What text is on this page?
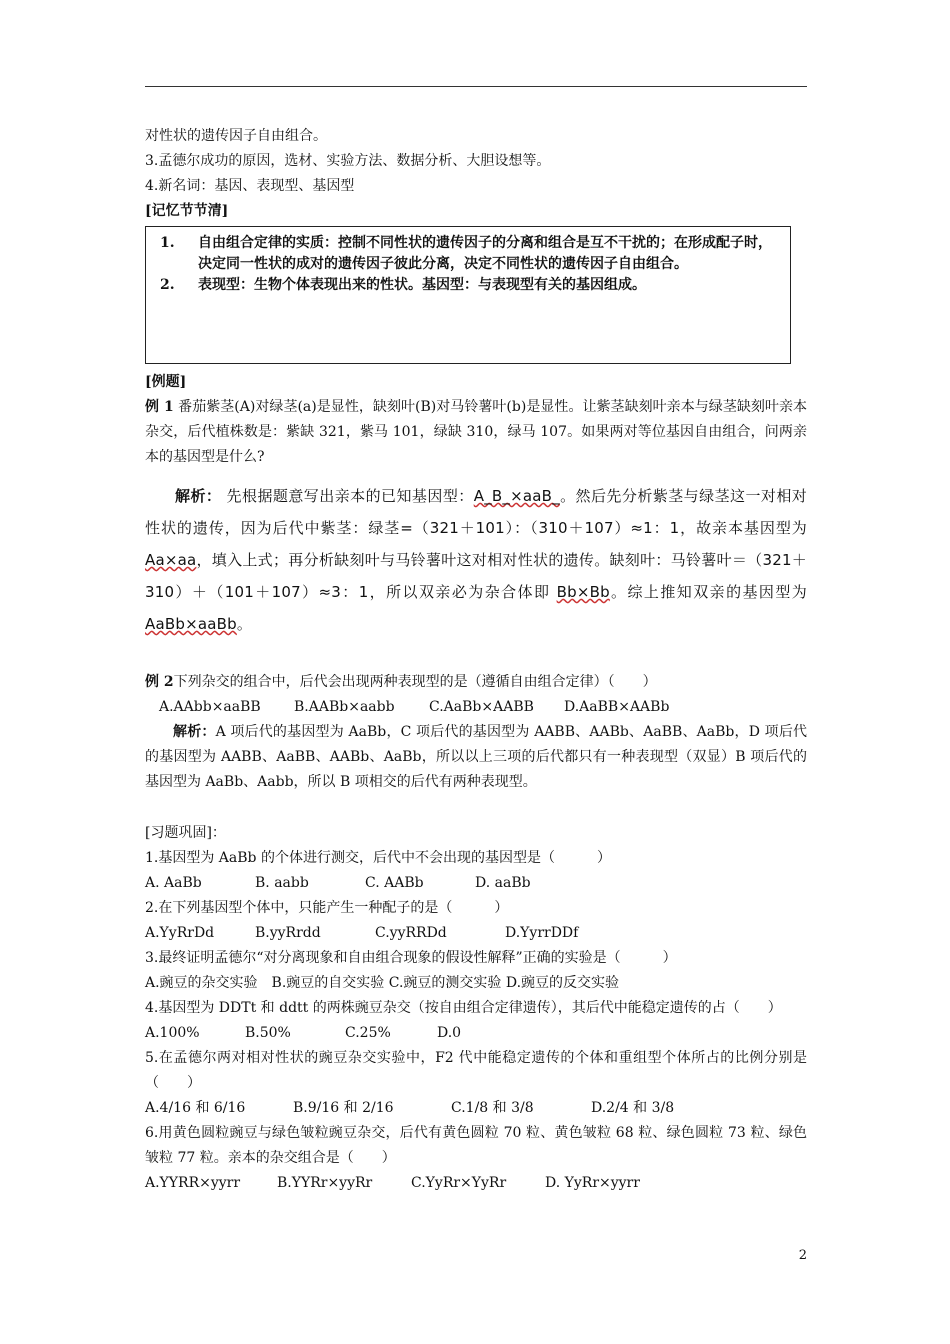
对性状的遗传因子自由组合。
3.孟德尔成功的原因，选材、实验方法、数据分析、大胆设想等。
4.新名词：基因、表现型、基因型
[记忆节节清]
1.	自由组合定律的实质：控制不同性状的遗传因子的分离和组合是互不干扰的；在形成配子时，决定同一性状的成对的遗传因子彼此分离，决定不同性状的遗传因子自由组合。
2.	表现型：生物个体表现出来的性状。基因型：与表现型有关的基因组成。
[例题]
例 1 番茄紫茎(A)对绿茎(a)是显性，缺刻叶(B)对马铃薯叶(b)是显性。让紫茎缺刻叶亲本与绿茎缺刻叶亲本杂交，后代植株数是：紫缺 321，紫马 101，绿缺 310，绿马 107。如果两对等位基因自由组合，问两亲本的基因型是什么?
解析： 先根据题意写出亲本的已知基因型：A_B_×aaB_。然后先分析紫茎与绿茎这一对相对性状的遗传，因为后代中紫茎：绿茎=（321＋101）：（310＋107）≈1：1，故亲本基因型为 Aa×aa，填入上式；再分析缺刻叶与马铃薯叶这对相对性状的遗传。缺刻叶：马铃薯叶＝（321＋310）＋（101＋107）≈3：1，所以双亲必为杂合体即 Bb×Bb。综上推知双亲的基因型为 AaBb×aaBb。
例 2下列杂交的组合中，后代会出现两种表现型的是（遵循自由组合定律）（　　）
A.AAbb×aaBB	B.AABb×aabb	C.AaBb×AABB	D.AaBB×AABb
解析：A 项后代的基因型为 AaBb，C 项后代的基因型为 AABB、AABb、AaBB、AaBb，D 项后代的基因型为 AABB、AaBB、AABb、AaBb，所以以上三项的后代都只有一种表现型（双显）B 项后代的基因型为 AaBb、Aabb，所以 B 项相交的后代有两种表现型。
[习题巩固]：
1.基因型为 AaBb 的个体进行测交，后代中不会出现的基因型是（　　　）
A. AaBb	B. aabb	C. AABb	D. aaBb
2.在下列基因型个体中，只能产生一种配子的是（　　　）
A.YyRrDd	B.yyRrdd	C.yyRRDd	D.YyrrDDf
3.最终证明孟德尔“对分离现象和自由组合现象的假设性解释”正确的实验是（　　　）
A.豌豆的杂交实验　B.豌豆的自交实验 C.豌豆的测交实验 D.豌豆的反交实验
4.基因型为 DDTt 和 ddtt 的两株豌豆杂交（按自由组合定律遗传），其后代中能稳定遗传的占（　　）
A.100%	B.50%	C.25%	D.0
5.在孟德尔两对相对性状的豌豆杂交实验中，F2 代中能稳定遗传的个体和重组型个体所占的比例分别是（　　）
A.4/16 和 6/16	B.9/16 和 2/16	C.1/8 和 3/8	D.2/4 和 3/8
6.用黄色圆粒豌豆与绿色皱粒豌豆杂交，后代有黄色圆粒 70 粒、黄色皱粒 68 粒、绿色圆粒 73 粒、绿色皱粒 77 粒。亲本的杂交组合是（　　）
A.YYRR×yyrr	B.YYRr×yyRr	C.YyRr×YyRr	D. YyRr×yyrr
2
